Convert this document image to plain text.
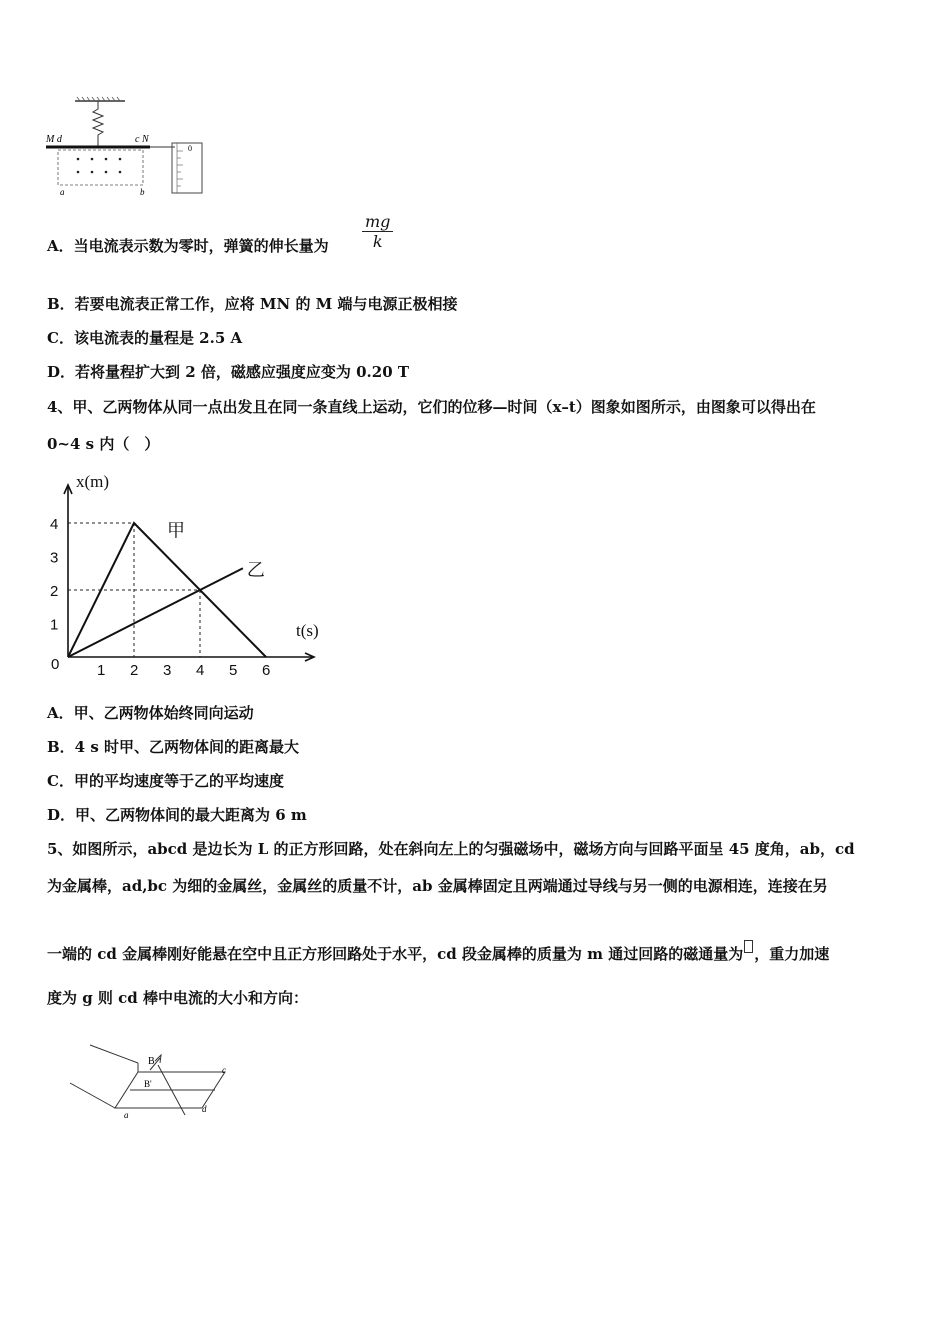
M d	c N
a	b
0
A．当电流表示数为零时，弹簧的伸长量为 $\frac{mg}{k}$
B．若要电流表正常工作，应将 MN 的 M 端与电源正极相接
C．该电流表的量程是 2.5 A
D．若将量程扩大到 2 倍，磁感应强度应变为 0.20 T
4、甲、乙两物体从同一点出发且在同一条直线上运动，它们的位移—时间（x–t）图象如图所示，由图象可以得出在
0~4 s 内（　）
1 2 3 4 5 6
1
2
3
4
0
x(m)
t(s)
甲
乙
A．甲、乙两物体始终同向运动
B．4 s 时甲、乙两物体间的距离最大
C．甲的平均速度等于乙的平均速度
D．甲、乙两物体间的最大距离为 6 m
5、如图所示，abcd 是边长为 L 的正方形回路，处在斜向左上的匀强磁场中，磁场方向与回路平面呈 45 度角，ab，cd
为金属棒，ad,bc 为细的金属丝，金属丝的质量不计，ab 金属棒固定且两端通过导线与另一侧的电源相连，连接在另
一端的 cd 金属棒刚好能悬在空中且正方形回路处于水平，cd 段金属棒的质量为 m 通过回路的磁通量为 ，重力加速
度为 g 则 cd 棒中电流的大小和方向：
B
B'
c
d
a
